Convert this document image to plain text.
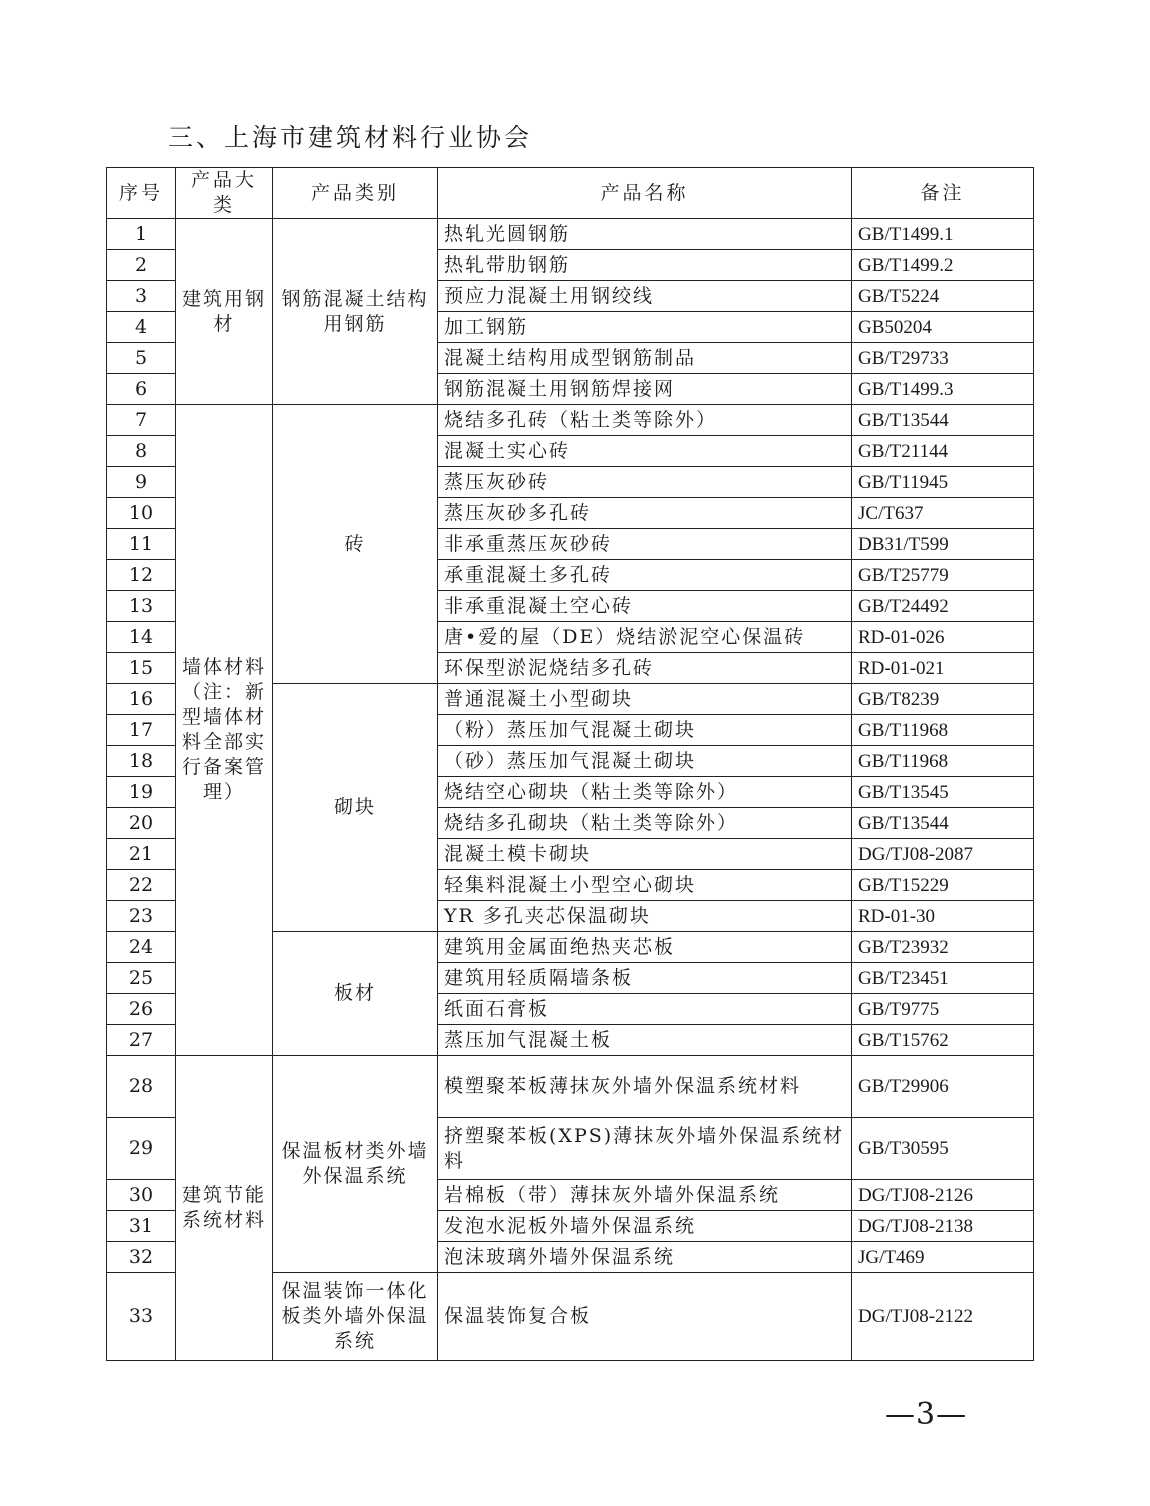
三、上海市建筑材料行业协会
序号	产品大类	产品类别	产品名称	备注
1	建筑用钢材	钢筋混凝土结构用钢筋	热轧光圆钢筋	GB/T1499.1
2			热轧带肋钢筋	GB/T1499.2
3			预应力混凝土用钢绞线	GB/T5224
4			加工钢筋	GB50204
5			混凝土结构用成型钢筋制品	GB/T29733
6			钢筋混凝土用钢筋焊接网	GB/T1499.3
7	墙体材料（注：新型墙体材料全部实行备案管理）	砖	烧结多孔砖（粘土类等除外）	GB/T13544
8			混凝土实心砖	GB/T21144
9			蒸压灰砂砖	GB/T11945
10			蒸压灰砂多孔砖	JC/T637
11			非承重蒸压灰砂砖	DB31/T599
12			承重混凝土多孔砖	GB/T25779
13			非承重混凝土空心砖	GB/T24492
14			唐•爱的屋（DE）烧结淤泥空心保温砖	RD-01-026
15			环保型淤泥烧结多孔砖	RD-01-021
16		砌块	普通混凝土小型砌块	GB/T8239
17			（粉）蒸压加气混凝土砌块	GB/T11968
18			（砂）蒸压加气混凝土砌块	GB/T11968
19			烧结空心砌块（粘土类等除外）	GB/T13545
20			烧结多孔砌块（粘土类等除外）	GB/T13544
21			混凝土模卡砌块	DG/TJ08-2087
22			轻集料混凝土小型空心砌块	GB/T15229
23			YR 多孔夹芯保温砌块	RD-01-30
24		板材	建筑用金属面绝热夹芯板	GB/T23932
25			建筑用轻质隔墙条板	GB/T23451
26			纸面石膏板	GB/T9775
27			蒸压加气混凝土板	GB/T15762
28	建筑节能系统材料	保温板材类外墙外保温系统	模塑聚苯板薄抹灰外墙外保温系统材料	GB/T29906
29			挤塑聚苯板(XPS)薄抹灰外墙外保温系统材料	GB/T30595
30			岩棉板（带）薄抹灰外墙外保温系统	DG/TJ08-2126
31			发泡水泥板外墙外保温系统	DG/TJ08-2138
32			泡沫玻璃外墙外保温系统	JG/T469
33		保温装饰一体化板类外墙外保温系统	保温装饰复合板	DG/TJ08-2122
—3—
